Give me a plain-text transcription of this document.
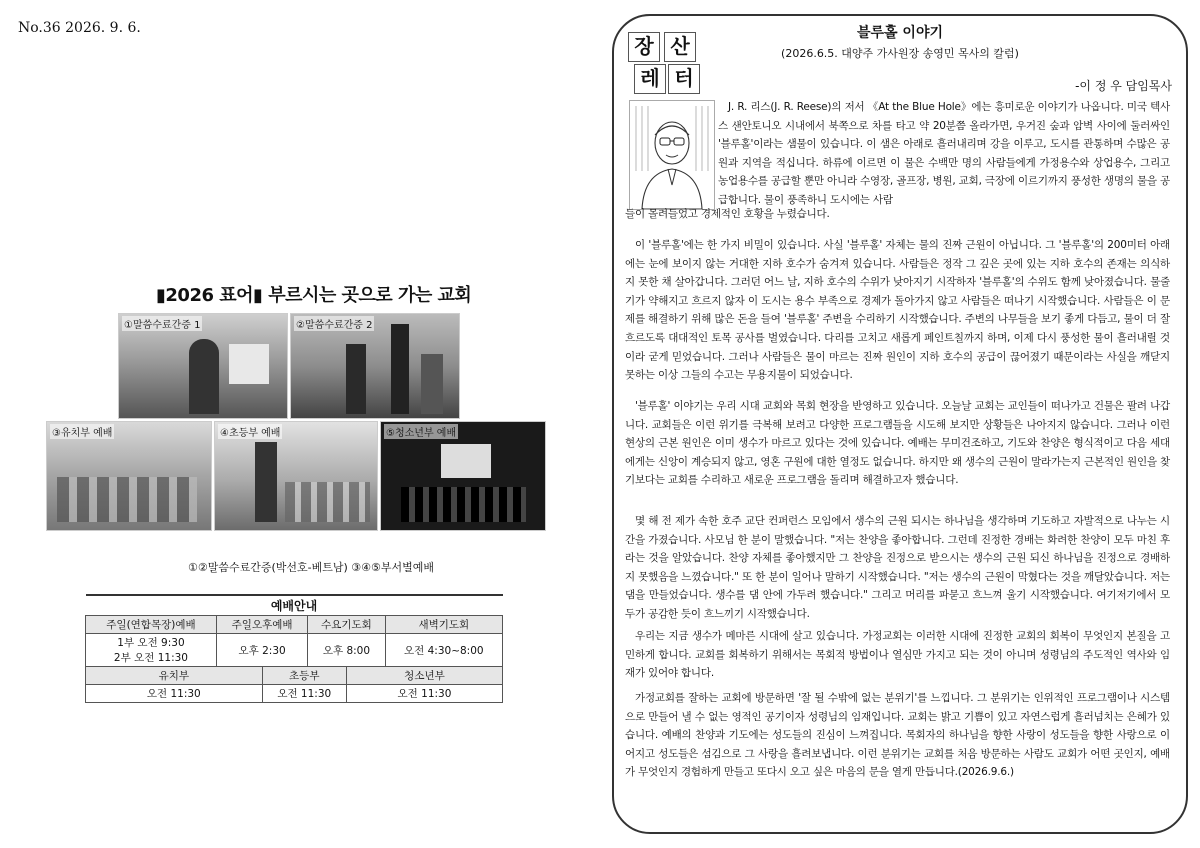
No.36 2026. 9. 6.
▮2026 표어▮ 부르시는 곳으로 가는 교회
①말씀수료간증 1	②말씀수료간증 2
③유치부 예배	④초등부 예배	⑤청소년부 예배
①②말씀수료간증(박선호-베트남) ③④⑤부서별예배
예배안내					
주일(연합목장)예배	주일오후예배		수요기도회		새벽기도회

1부 오전 9:30
2부 오전 11:30	오후 2:30		오후 8:00		오전 4:30~8:00
유치부		초등부		청소년부	
오전 11:30		오전 11:30		오전 11:30	
장 산
레 터
블루홀 이야기
(2026.6.5. 대양주 가사원장 송영민 목사의 칼럼)
-이 정 우 담임목사

J. R. 리스(J. R. Reese)의 저서 《At the Blue Hole》에는 흥미로운 이야기가 나옵니다. 미국 텍사스 샌안토니오 시내에서 북쪽으로 차를 타고 약 20분쯤 올라가면, 우거진 숲과 암벽 사이에 둘러싸인 '블루홀'이라는 샘물이 있습니다. 이 샘은 아래로 흘러내리며 강을 이루고, 도시를 관통하며 수많은 공원과 지역을 적십니다. 하류에 이르면 이 물은 수백만 명의 사람들에게 가정용수와 상업용수, 그리고 농업용수를 공급할 뿐만 아니라 수영장, 골프장, 병원, 교회, 극장에 이르기까지 풍성한 생명의 물을 공급합니다. 물이 풍족하니 도시에는 사람

들이 몰려들었고 경제적인 호황을 누렸습니다.

이 '블루홀'에는 한 가지 비밀이 있습니다. 사실 '블루홀' 자체는 물의 진짜 근원이 아닙니다. 그 '블루홀'의 200미터 아래에는 눈에 보이지 않는 거대한 지하 호수가 숨겨져 있습니다. 사람들은 정작 그 깊은 곳에 있는 지하 호수의 존재는 의식하지 못한 채 살아갑니다. 그러던 어느 날, 지하 호수의 수위가 낮아지기 시작하자 '블루홀'의 수위도 함께 낮아졌습니다. 물줄기가 약해지고 흐르지 않자 이 도시는 용수 부족으로 경제가 돌아가지 않고 사람들은 떠나기 시작했습니다. 사람들은 이 문제를 해결하기 위해 많은 돈을 들여 '블루홀' 주변을 수리하기 시작했습니다. 주변의 나무들을 보기 좋게 다듬고, 물이 더 잘 흐르도록 대대적인 토목 공사를 벌였습니다. 다리를 고치고 새롭게 페인트칠까지 하며, 이제 다시 풍성한 물이 흘러내릴 것이라 굳게 믿었습니다. 그러나 사람들은 물이 마르는 진짜 원인이 지하 호수의 공급이 끊어졌기 때문이라는 사실을 깨닫지 못하는 이상 그들의 수고는 무용지물이 되었습니다.

'블루홀' 이야기는 우리 시대 교회와 목회 현장을 반영하고 있습니다. 오늘날 교회는 교인들이 떠나가고 건물은 팔려 나갑니다. 교회들은 이런 위기를 극복해 보려고 다양한 프로그램들을 시도해 보지만 상황들은 나아지지 않습니다. 그러나 이런 현상의 근본 원인은 이미 생수가 마르고 있다는 것에 있습니다. 예배는 무미건조하고, 기도와 찬양은 형식적이고 다음 세대에게는 신앙이 계승되지 않고, 영혼 구원에 대한 열정도 없습니다. 하지만 왜 생수의 근원이 말라가는지 근본적인 원인을 찾기보다는 교회를 수리하고 새로운 프로그램을 돌리며 해결하고자 했습니다.

몇 해 전 제가 속한 호주 교단 컨퍼런스 모임에서 생수의 근원 되시는 하나님을 생각하며 기도하고 자발적으로 나누는 시간을 가졌습니다. 사모님 한 분이 말했습니다. "저는 찬양을 좋아합니다. 그런데 진정한 경배는 화려한 찬양이 모두 마친 후라는 것을 알았습니다. 찬양 자체를 좋아했지만 그 찬양을 진정으로 받으시는 생수의 근원 되신 하나님을 진정으로 경배하지 못했음을 느꼈습니다." 또 한 분이 일어나 말하기 시작했습니다. "저는 생수의 근원이 막혔다는 것을 깨달았습니다. 저는 댐을 만들었습니다. 생수를 댐 안에 가두려 했습니다." 그리고 머리를 파묻고 흐느껴 울기 시작했습니다. 여기저기에서 모두가 공감한 듯이 흐느끼기 시작했습니다.

우리는 지금 생수가 메마른 시대에 살고 있습니다. 가정교회는 이러한 시대에 진정한 교회의 회복이 무엇인지 본질을 고민하게 합니다. 교회를 회복하기 위해서는 목회적 방법이나 열심만 가지고 되는 것이 아니며 성령님의 주도적인 역사와 임재가 있어야 합니다.

가정교회를 잘하는 교회에 방문하면 '잘 될 수밖에 없는 분위기'를 느낍니다. 그 분위기는 인위적인 프로그램이나 시스템으로 만들어 낼 수 없는 영적인 공기이자 성령님의 임재입니다. 교회는 밝고 기쁨이 있고 자연스럽게 흘러넘치는 은혜가 있습니다. 예배의 찬양과 기도에는 성도들의 진심이 느껴집니다. 목회자의 하나님을 향한 사랑이 성도들을 향한 사랑으로 이어지고 성도들은 섬김으로 그 사랑을 흘려보냅니다. 이런 분위기는 교회를 처음 방문하는 사람도 교회가 어떤 곳인지, 예배가 무엇인지 경험하게 만들고 또다시 오고 싶은 마음의 문을 열게 만듭니다.(2026.9.6.)
